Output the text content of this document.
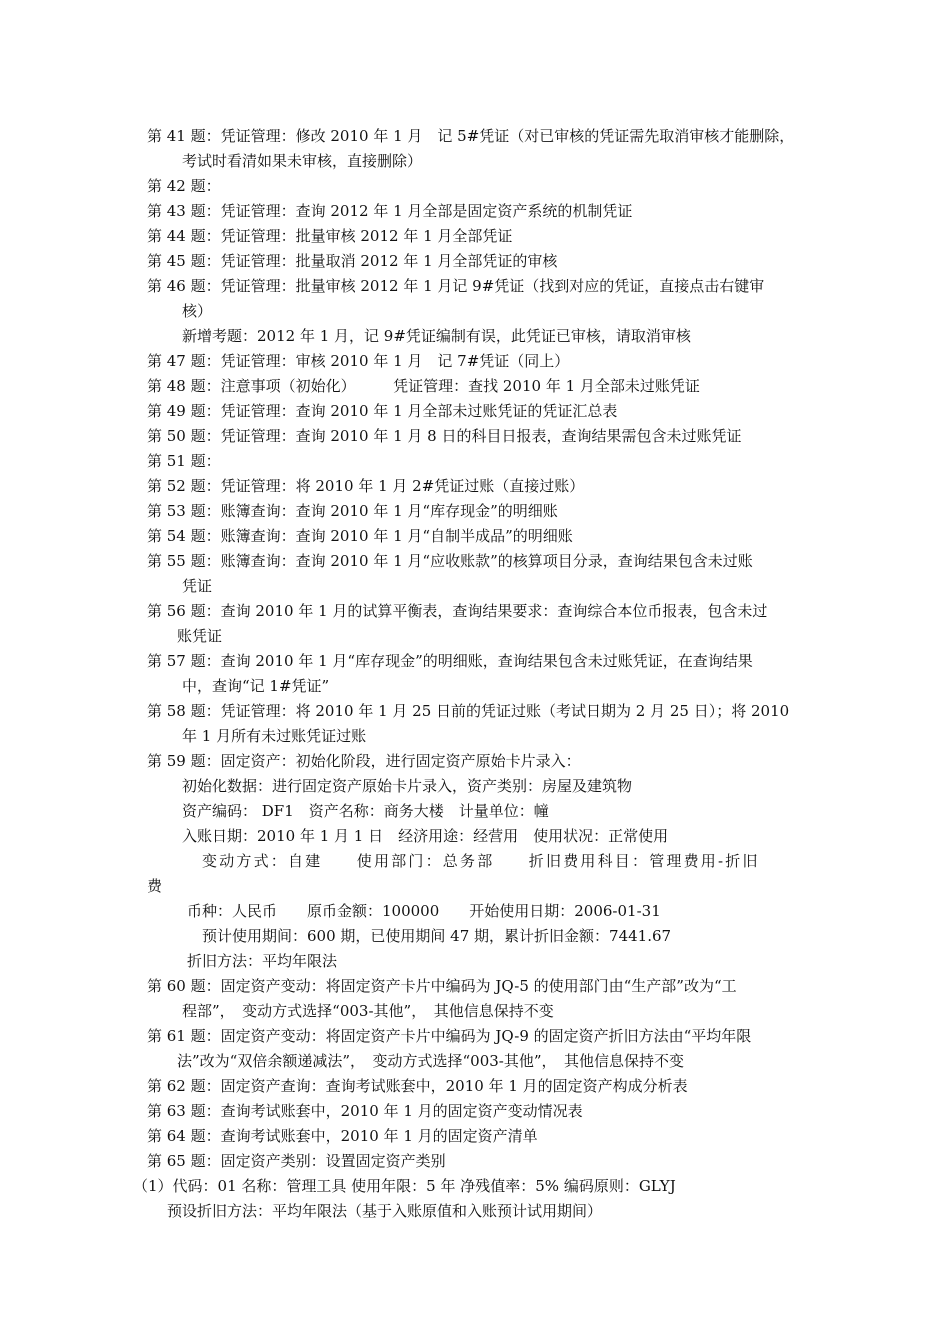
第 41 题：凭证管理：修改 2010 年 1 月　记 5#凭证（对已审核的凭证需先取消审核才能删除，
考试时看清如果未审核，直接删除）
第 42 题：
第 43 题：凭证管理：查询 2012 年 1 月全部是固定资产系统的机制凭证
第 44 题：凭证管理：批量审核 2012 年 1 月全部凭证
第 45 题：凭证管理：批量取消 2012 年 1 月全部凭证的审核
第 46 题：凭证管理：批量审核 2012 年 1 月记 9#凭证（找到对应的凭证，直接点击右键审
核）
新增考题：2012 年 1 月，记 9#凭证编制有误，此凭证已审核，请取消审核
第 47 题：凭证管理：审核 2010 年 1 月　记 7#凭证（同上）
第 48 题：注意事项（初始化）　　　凭证管理：查找 2010 年 1 月全部未过账凭证
第 49 题：凭证管理：查询 2010 年 1 月全部未过账凭证的凭证汇总表
第 50 题：凭证管理：查询 2010 年 1 月 8 日的科目日报表，查询结果需包含未过账凭证
第 51 题：
第 52 题：凭证管理：将 2010 年 1 月 2#凭证过账（直接过账）
第 53 题：账簿查询：查询 2010 年 1 月“库存现金”的明细账
第 54 题：账簿查询：查询 2010 年 1 月“自制半成品”的明细账
第 55 题：账簿查询：查询 2010 年 1 月“应收账款”的核算项目分录，查询结果包含未过账
凭证
第 56 题：查询 2010 年 1 月的试算平衡表，查询结果要求：查询综合本位币报表，包含未过
账凭证
第 57 题：查询 2010 年 1 月“库存现金”的明细账，查询结果包含未过账凭证，在查询结果
中，查询“记 1#凭证”
第 58 题：凭证管理：将 2010 年 1 月 25 日前的凭证过账（考试日期为 2 月 25 日）；将 2010
年 1 月所有未过账凭证过账
第 59 题：固定资产：初始化阶段，进行固定资产原始卡片录入：
初始化数据：进行固定资产原始卡片录入，资产类别：房屋及建筑物
资产编码： DF1　资产名称：商务大楼　计量单位：幢
入账日期：2010 年 1 月 1 日　经济用途：经营用　使用状况：正常使用
变动方式：自建　　使用部门：总务部　　折旧费用科目：管理费用-折旧
费
币种：人民币　　原币金额：100000　　开始使用日期：2006-01-31
预计使用期间：600 期，已使用期间 47 期，累计折旧金额：7441.67
折旧方法：平均年限法
第 60 题：固定资产变动：将固定资产卡片中编码为 JQ-5 的使用部门由“生产部”改为“工
程部”，　变动方式选择“003-其他”，　其他信息保持不变
第 61 题：固定资产变动：将固定资产卡片中编码为 JQ-9 的固定资产折旧方法由“平均年限
法”改为“双倍余额递减法”，　变动方式选择“003-其他”，　其他信息保持不变
第 62 题：固定资产查询：查询考试账套中，2010 年 1 月的固定资产构成分析表
第 63 题：查询考试账套中，2010 年 1 月的固定资产变动情况表
第 64 题：查询考试账套中，2010 年 1 月的固定资产清单
第 65 题：固定资产类别：设置固定资产类别
（1）代码：01 名称：管理工具 使用年限：5 年 净残值率：5% 编码原则：GLYJ
预设折旧方法：平均年限法（基于入账原值和入账预计试用期间）
